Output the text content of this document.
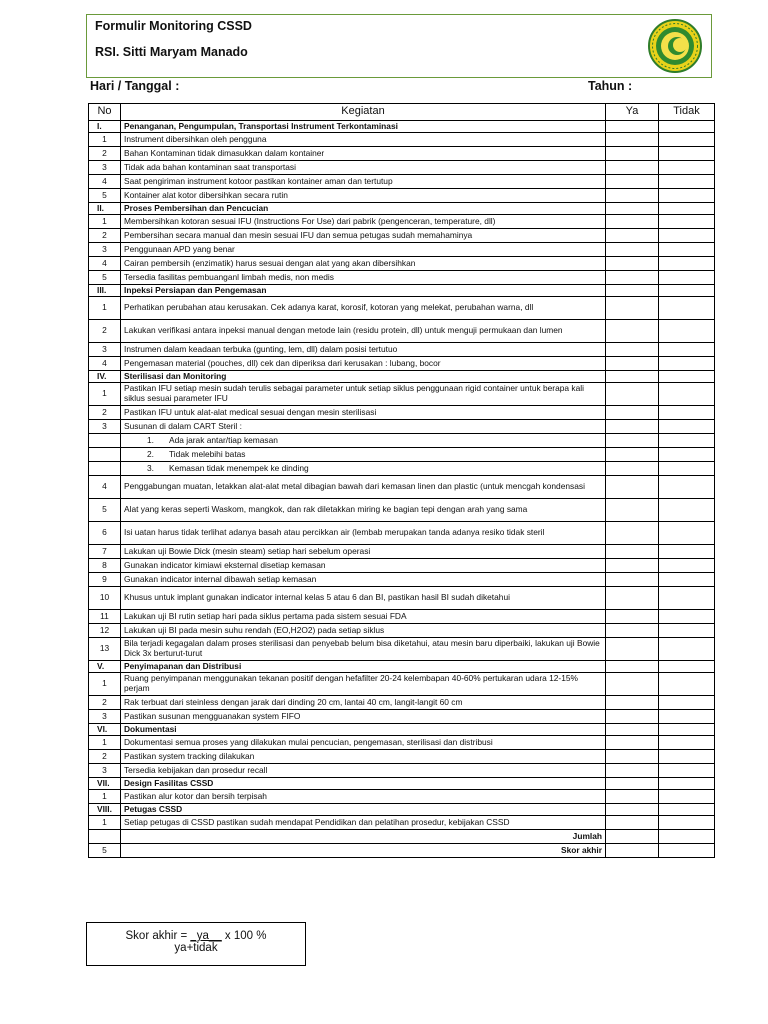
Formulir Monitoring CSSD
RSI. Sitti Maryam Manado
Hari / Tanggal :	Tahun :
No	Kegiatan	Ya	Tidak
I.	Penanganan, Pengumpulan, Transportasi Instrument Terkontaminasi		
1	Instrument dibersihkan oleh pengguna		
2	Bahan Kontaminan tidak dimasukkan dalam kontainer		
3	Tidak ada bahan kontaminan saat transportasi		
4	Saat pengiriman instrument kotoor pastikan kontainer aman dan tertutup		
5	Kontainer alat kotor dibersihkan secara rutin		
II.	Proses Pembersihan dan Pencucian		
1	Membersihkan kotoran sesuai IFU (Instructions For Use) dari pabrik (pengenceran, temperature, dll)		
2	Pembersihan secara manual dan mesin sesuai IFU dan semua petugas sudah memahaminya		
3	Penggunaan APD yang benar		
4	Cairan pembersih (enzimatik) harus sesuai dengan alat yang akan dibersihkan		
5	Tersedia fasilitas pembuanganl limbah medis, non medis		
III.	Inpeksi Persiapan dan Pengemasan		
1	Perhatikan perubahan atau kerusakan. Cek adanya karat, korosif, kotoran yang melekat, perubahan warna, dll		
2	Lakukan verifikasi antara inpeksi manual dengan metode lain (residu protein, dll) untuk menguji permukaan dan lumen		
3	Instrumen dalam keadaan terbuka (gunting, lem, dll) dalam posisi tertutuo		
4	Pengemasan material (pouches, dll) cek dan diperiksa dari kerusakan : lubang, bocor		
IV.	Sterilisasi dan Monitoring		
1	Pastikan IFU setiap mesin sudah terulis sebagai parameter untuk setiap siklus penggunaan rigid container untuk berapa kali siklus sesuai parameter IFU		
2	Pastikan IFU untuk alat-alat medical sesuai dengan mesin sterilisasi		
3	Susunan di dalam CART Steril :		
	1. Ada jarak antar/tiap kemasan		
	2. Tidak melebihi batas		
	3. Kemasan tidak menempek ke dinding		
4	Penggabungan muatan, letakkan alat-alat metal dibagian bawah dari kemasan linen dan plastic (untuk mencgah kondensasi		
5	Alat yang keras seperti Waskom, mangkok, dan rak diletakkan miring ke bagian tepi dengan arah yang sama		
6	Isi uatan harus tidak terlihat adanya basah atau percikkan air (lembab merupakan tanda adanya resiko tidak steril		
7	Lakukan uji Bowie Dick (mesin steam) setiap hari sebelum operasi		
8	Gunakan indicator kimiawi eksternal disetiap kemasan		
9	Gunakan indicator internal dibawah setiap kemasan		
10	Khusus untuk implant gunakan indicator internal kelas 5 atau 6 dan BI, pastikan hasil BI sudah diketahui		
11	Lakukan uji BI rutin setiap hari pada siklus pertama pada sistem sesuai FDA		
12	Lakukan uji BI pada mesin suhu rendah (EO,H2O2) pada setiap siklus		
13	Bila terjadi kegagalan dalam proses sterilisasi dan penyebab belum bisa diketahui, atau mesin baru diperbaiki, lakukan uji Bowie Dick 3x berturut-turut		
V.	Penyimapanan dan Distribusi		
1	Ruang penyimpanan menggunakan tekanan positif dengan hefafilter 20-24 kelembapan 40-60% pertukaran udara 12-15% perjam		
2	Rak terbuat dari steinless dengan jarak dari dinding 20 cm, lantai 40 cm, langit-langit 60 cm		
3	Pastikan susunan mengguanakan system FIFO		
VI.	Dokumentasi		
1	Dokumentasi semua proses yang dilakukan mulai pencucian, pengemasan, sterilisasi dan distribusi		
2	Pastikan system tracking dilakukan		
3	Tersedia kebijakan dan prosedur recall		
VII.	Design Fasilitas CSSD		
1	Pastikan alur kotor dan bersih terpisah		
VIII.	Petugas CSSD		
1	Setiap petugas di CSSD pastikan sudah mendapat Pendidikan dan pelatihan prosedur, kebijakan CSSD		
	Jumlah		
5	Skor akhir		
Skor akhir = _ya__ x 100 %
ya+tidak
